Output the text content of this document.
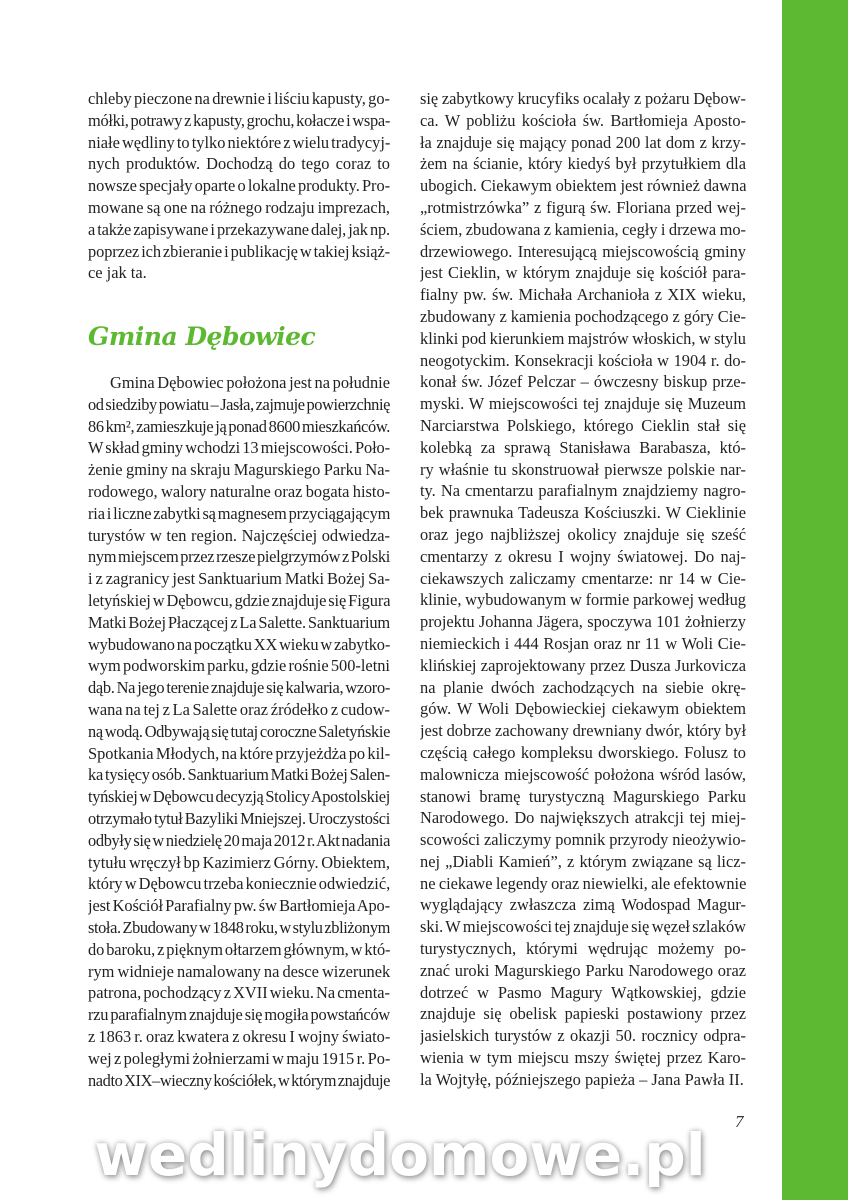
chleby pieczone na drewnie i liściu kapusty, go-
mółki, potrawy z kapusty, grochu, kołacze i wspa-
niałe wędliny to tylko niektóre z wielu tradycyj-
nych produktów. Dochodzą do tego coraz to
nowsze specjały oparte o lokalne produkty. Pro-
mowane są one na różnego rodzaju imprezach,
a także zapisywane i przekazywane dalej, jak np.
poprzez ich zbieranie i publikację w takiej książ-
ce jak ta.
Gmina Dębowiec
Gmina Dębowiec położona jest na południe
od siedziby powiatu – Jasła, zajmuje powierzchnię
86 km², zamieszkuje ją ponad 8600 mieszkańców.
W skład gminy wchodzi 13 miejscowości. Poło-
żenie gminy na skraju Magurskiego Parku Na-
rodowego, walory naturalne oraz bogata histo-
ria i liczne zabytki są magnesem przyciągającym
turystów w ten region. Najczęściej odwiedza-
nym miejscem przez rzesze pielgrzymów z Polski
i z zagranicy jest Sanktuarium Matki Bożej Sa-
letyńskiej w Dębowcu, gdzie znajduje się Figura
Matki Bożej Płaczącej z La Salette. Sanktuarium
wybudowano na początku XX wieku w zabytko-
wym podworskim parku, gdzie rośnie 500-letni
dąb. Na jego terenie znajduje się kalwaria, wzoro-
wana na tej z La Salette oraz źródełko z cudow-
ną wodą. Odbywają się tutaj coroczne Saletyńskie
Spotkania Młodych, na które przyjeżdża po kil-
ka tysięcy osób. Sanktuarium Matki Bożej Salen-
tyńskiej w Dębowcu decyzją Stolicy Apostolskiej
otrzymało tytuł Bazyliki Mniejszej. Uroczystości
odbyły się w niedzielę 20 maja 2012 r. Akt nadania
tytułu wręczył bp Kazimierz Górny. Obiektem,
który w Dębowcu trzeba koniecznie odwiedzić,
jest Kościół Parafialny pw. św Bartłomieja Apo-
stoła. Zbudowany w 1848 roku, w stylu zbliżonym
do baroku, z pięknym ołtarzem głównym, w któ-
rym widnieje namalowany na desce wizerunek
patrona, pochodzący z XVII wieku. Na cmenta-
rzu parafialnym znajduje się mogiła powstańców
z 1863 r. oraz kwatera z okresu I wojny świato-
wej z poległymi żołnierzami w maju 1915 r. Po-
nadto XIX–wieczny kościółek, w którym znajduje
się zabytkowy krucyfiks ocalały z pożaru Dębow-
ca. W pobliżu kościoła św. Bartłomieja Aposto-
ła znajduje się mający ponad 200 lat dom z krzy-
żem na ścianie, który kiedyś był przytułkiem dla
ubogich. Ciekawym obiektem jest również dawna
„rotmistrzówka” z figurą św. Floriana przed wej-
ściem, zbudowana z kamienia, cegły i drzewa mo-
drzewiowego. Interesującą miejscowością gminy
jest Cieklin, w którym znajduje się kościół para-
fialny pw. św. Michała Archanioła z XIX wieku,
zbudowany z kamienia pochodzącego z góry Cie-
klinki pod kierunkiem majstrów włoskich, w stylu
neogotyckim. Konsekracji kościoła w 1904 r. do-
konał św. Józef Pelczar – ówczesny biskup prze-
myski. W miejscowości tej znajduje się Muzeum
Narciarstwa Polskiego, którego Cieklin stał się
kolebką za sprawą Stanisława Barabasza, któ-
ry właśnie tu skonstruował pierwsze polskie nar-
ty. Na cmentarzu parafialnym znajdziemy nagro-
bek prawnuka Tadeusza Kościuszki. W Cieklinie
oraz jego najbliższej okolicy znajduje się sześć
cmentarzy z okresu I wojny światowej. Do naj-
ciekawszych zaliczamy cmentarze: nr 14 w Cie-
klinie, wybudowanym w formie parkowej według
projektu Johanna Jägera, spoczywa 101 żołnierzy
niemieckich i 444 Rosjan oraz nr 11 w Woli Cie-
klińskiej zaprojektowany przez Dusza Jurkovicza
na planie dwóch zachodzących na siebie okrę-
gów. W Woli Dębowieckiej ciekawym obiektem
jest dobrze zachowany drewniany dwór, który był
częścią całego kompleksu dworskiego. Folusz to
malownicza miejscowość położona wśród lasów,
stanowi bramę turystyczną Magurskiego Parku
Narodowego. Do największych atrakcji tej miej-
scowości zaliczymy pomnik przyrody nieożywio-
nej „Diabli Kamień”, z którym związane są licz-
ne ciekawe legendy oraz niewielki, ale efektownie
wyglądający zwłaszcza zimą Wodospad Magur-
ski. W miejscowości tej znajduje się węzeł szlaków
turystycznych, którymi wędrując możemy po-
znać uroki Magurskiego Parku Narodowego oraz
dotrzeć w Pasmo Magury Wątkowskiej, gdzie
znajduje się obelisk papieski postawiony przez
jasielskich turystów z okazji 50. rocznicy odpra-
wienia w tym miejscu mszy świętej przez Karo-
la Wojtyłę, późniejszego papieża – Jana Pawła II.
wedlinydomowe.pl 7
